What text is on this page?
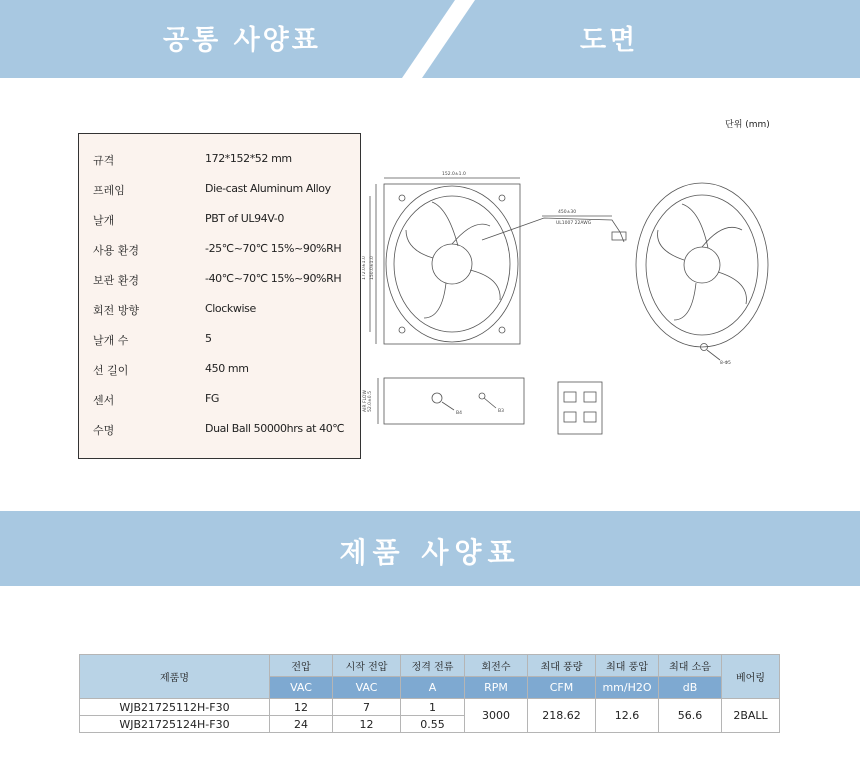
공통 사양표	도면
단위 (mm)
규격	172*152*52 mm
프레임	Die-cast Aluminum Alloy
날개	PBT of UL94V-0
사용 환경	-25℃~70℃ 15%~90%RH
보관 환경	-40℃~70℃ 15%~90%RH
회전 방향	Clockwise
날개 수	5
선 길이	450 mm
센서	FG
수명	Dual Ball 50000hrs at 40℃
152.0±1.0
172.0±1.0 150.0±1.0
450±30
UL1007 22AWG
8-Φ5
52.0±0.5
AIR FLOW
B4	B3
제품 사양표
제품명	전압	시작 전압	정격 전류	회전수	최대 풍량	최대 풍압	최대 소음	베어링
	VAC	VAC	A	RPM	CFM	mm/H2O	dB	
WJB21725112H-F30	12	7	1	3000	218.62	12.6	56.6	2BALL
WJB21725124H-F30	24	12	0.55					
